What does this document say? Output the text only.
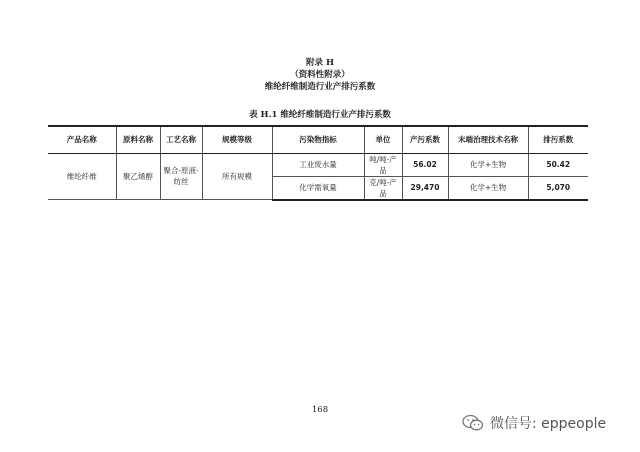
附录 H
（资料性附录）
维纶纤维制造行业产排污系数
表 H.1 维纶纤维制造行业产排污系数
产品名称	原料名称	工艺名称	规模等级	污染物指标	单位	产污系数	末端治理技术名称	排污系数
维纶纤维	聚乙烯醇	聚合-原液-纺丝	所有规模	工业废水量	吨/吨-产品	56.02	化学+生物	50.42
				化学需氧量	克/吨-产品	29,470	化学+生物	5,070
168
微信号: eppeople
